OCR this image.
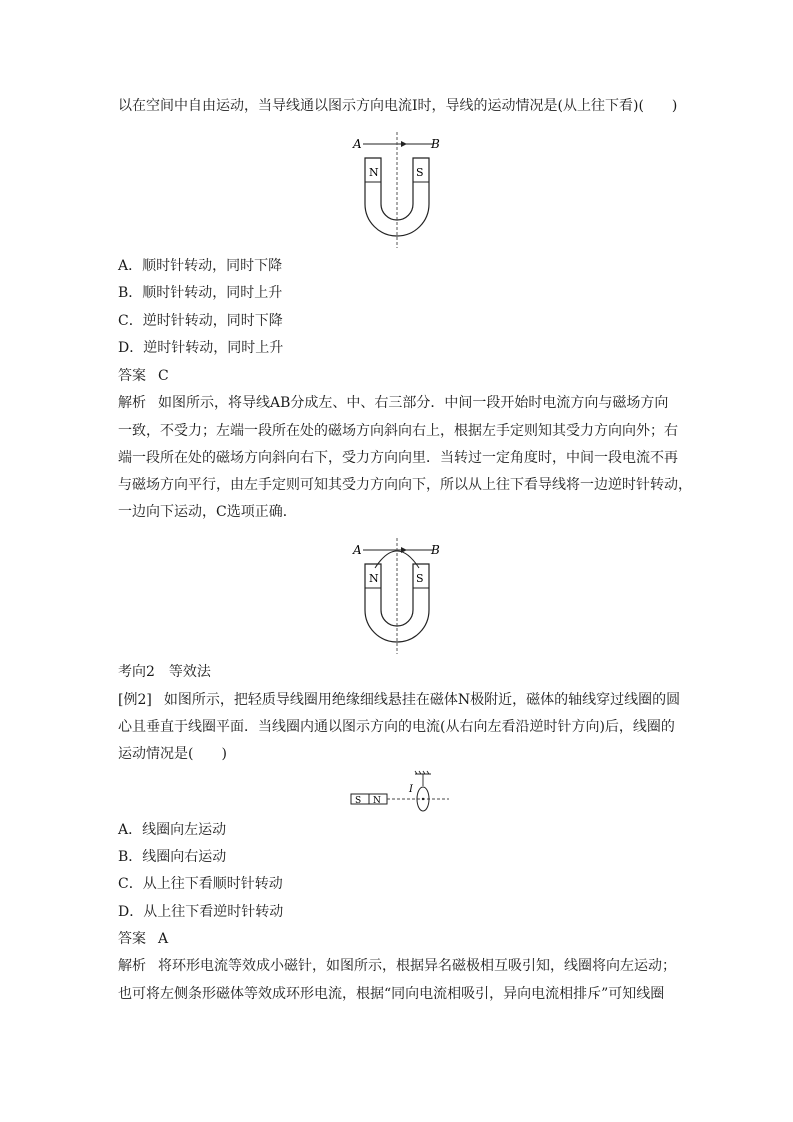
以在空间中自由运动，当导线通以图示方向电流I时，导线的运动情况是(从上往下看)(　　)
A	B
N	S
A．顺时针转动，同时下降
B．顺时针转动，同时上升
C．逆时针转动，同时下降
D．逆时针转动，同时上升
答案 C
解析 如图所示，将导线AB分成左、中、右三部分．中间一段开始时电流方向与磁场方向
一致，不受力；左端一段所在处的磁场方向斜向右上，根据左手定则知其受力方向向外；右
端一段所在处的磁场方向斜向右下，受力方向向里．当转过一定角度时，中间一段电流不再
与磁场方向平行，由左手定则可知其受力方向向下，所以从上往下看导线将一边逆时针转动，
一边向下运动，C选项正确．
A	B
N	S
考向2　等效法
[例2] 如图所示，把轻质导线圈用绝缘细线悬挂在磁体N极附近，磁体的轴线穿过线圈的圆
心且垂直于线圈平面．当线圈内通以图示方向的电流(从右向左看沿逆时针方向)后，线圈的
运动情况是(　　)
S N
I
A．线圈向左运动
B．线圈向右运动
C．从上往下看顺时针转动
D．从上往下看逆时针转动
答案 A
解析 将环形电流等效成小磁针，如图所示，根据异名磁极相互吸引知，线圈将向左运动；
也可将左侧条形磁体等效成环形电流，根据“同向电流相吸引，异向电流相排斥”可知线圈
